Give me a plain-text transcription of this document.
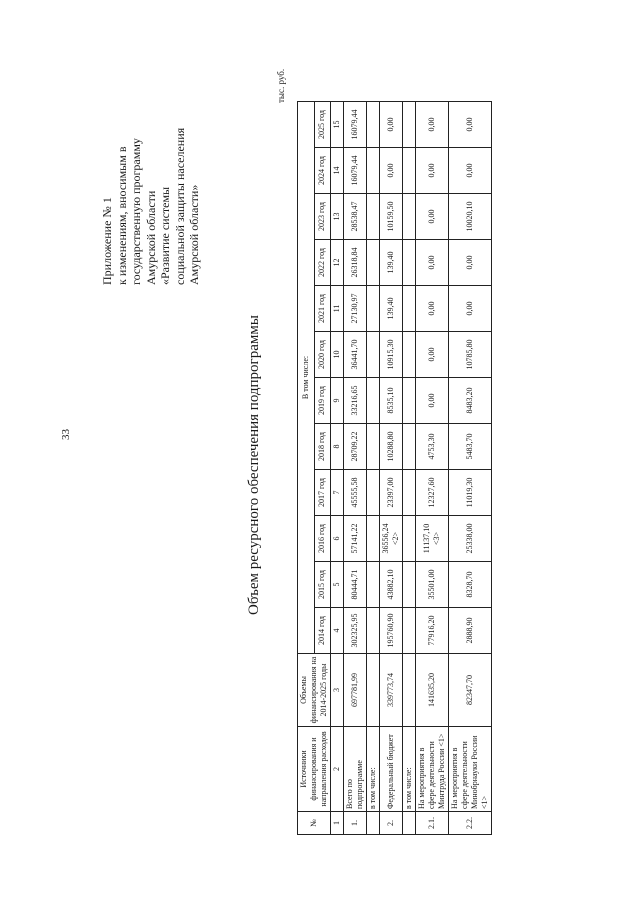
33
Приложение № 1 к изменениям, вносимым в государственную программу Амурской области «Развитие системы социальной защиты населения Амурской области»
Объем ресурсного обеспечения подпрограммы
тыс. руб.
№	Источники финансирования и направления расходов	Объемы финансирования на 2014-2025 годы	В том числе:											
			2014 год	2015 год	2016 год	2017 год	2018 год	2019 год	2020 год	2021 год	2022 год	2023 год	2024 год	2025 год
1	2	3	4	5	6	7	8	9	10	11	12	13	14	15
1.	Всего по подпрограмме	697781,99	302325,95	80444,71	57141,22	45555,58	28709,22	33216,65	36441,70	27130,97	26318,84	28538,47	16079,44	16079,44
	в том числе:													
2.	Федеральный бюджет	339773,74	195760,90	43882,10	36556,24 <2>	23397,00	10288,80	8535,10	10915,30	139,40	139,40	10159,50	0,00	0,00
	в том числе:													
2.1.	На мероприятия в сфере деятельности Минтруда России <1>	141635,20	77916,20	35501,00	11137,10 <3>	12327,60	4753,30	0,00	0,00	0,00	0,00	0,00	0,00	0,00
2.2.	На мероприятия в сфере деятельности Минобрнауки России <1>	82347,70	2888,90	8328,70	25338,00	11019,30	5483,70	8483,20	10785,80	0,00	0,00	10020,10	0,00	0,00
